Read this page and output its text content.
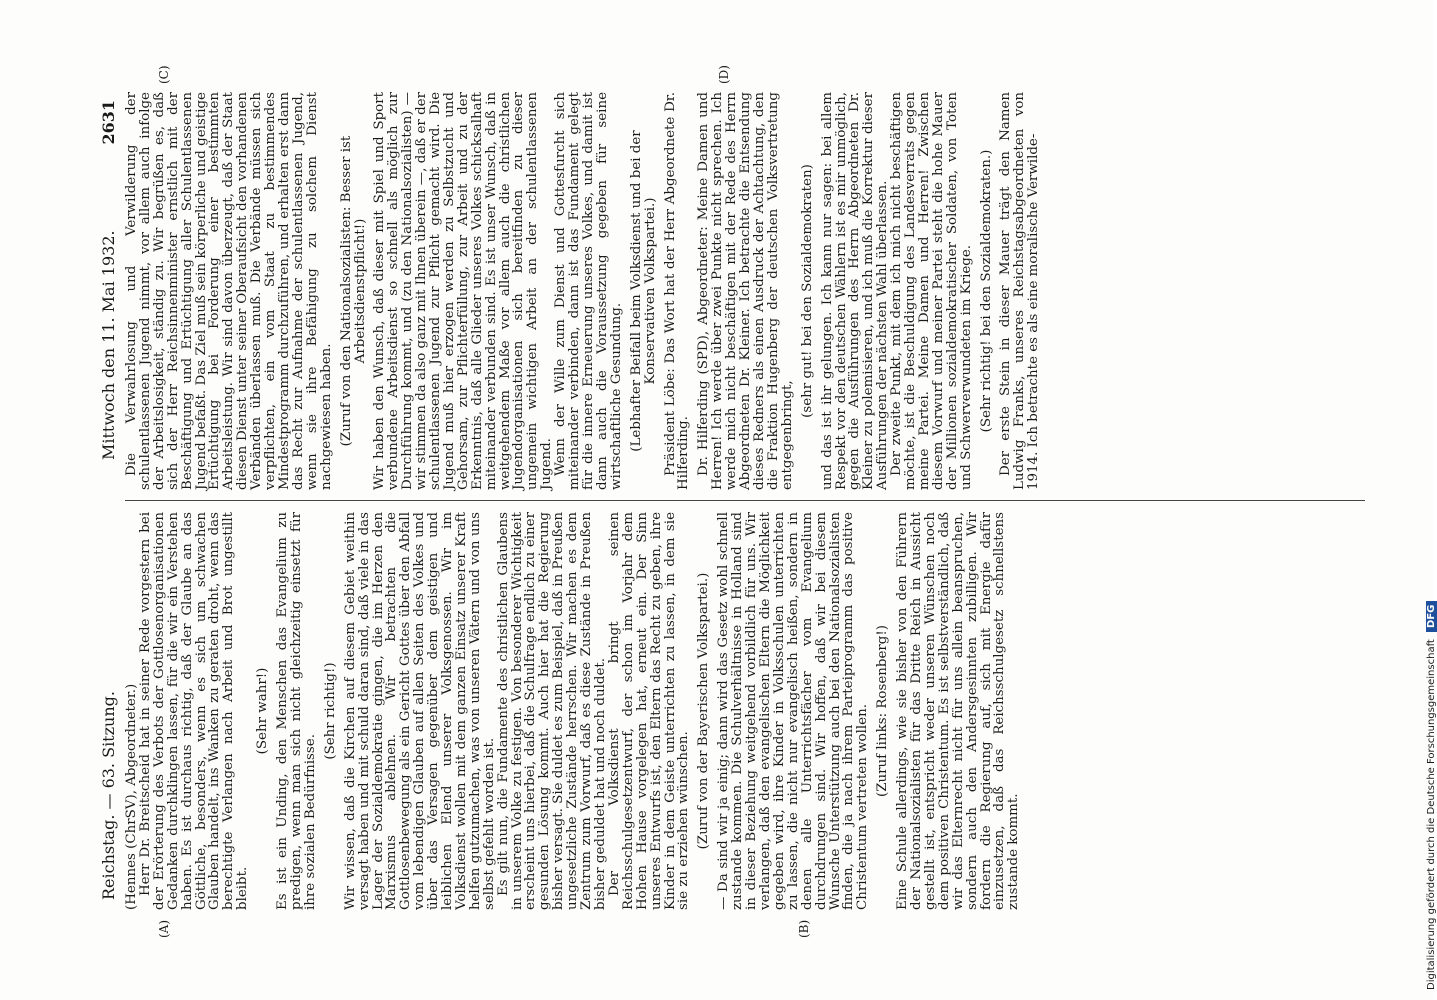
Reichstag. — 63. Sitzung.
Mittwoch den 11. Mai 1932.
2631
(A)	(B)
(C)	(D)

(Hennes (ChrSV), Abgeordneter.)

Herr Dr. Breitscheid hat in seiner Rede vorgestern bei der Erörterung des Verbots der Gottlosenorganisationen Gedanken durchklingen lassen, für die wir ein Verstehen haben. Es ist durchaus richtig, daß der Glaube an das Göttliche, besonders, wenn es sich um schwachen Glauben handelt, ins Wanken zu geraten droht, wenn das berechtigte Verlangen nach Arbeit und Brot ungestillt bleibt.

(Sehr wahr!) Es ist ein Unding, den Menschen das Evangelium zu predigen, wenn man sich nicht gleichzeitig einsetzt für ihre sozialen Bedürfnisse.

(Sehr richtig!) Wir wissen, daß die Kirchen auf diesem Gebiet weithin versagt haben und mit schuld daran sind, daß viele in das Lager der Sozialdemokratie gingen, die im Herzen den Marxismus ablehnen. Wir betrachten die Gottlosenbewegung als ein Gericht Gottes über den Abfall vom lebendigen Glauben auf allen Seiten des Volkes und über das Versagen gegenüber dem geistigen und leiblichen Elend unserer Volksgenossen. Wir im Volksdienst wollen mit dem ganzen Einsatz unserer Kraft helfen gutzumachen, was von unseren Vätern und von uns selbst gefehlt worden ist.

Es gilt nun, die Fundamente des christlichen Glaubens in unserem Volke zu festigen. Von besonderer Wichtigkeit erscheint uns hierbei, daß die Schulfrage endlich zu einer gesunden Lösung kommt. Auch hier hat die Regierung bisher versagt. Sie duldet es zum Beispiel, daß in Preußen ungesetzliche Zustände herrschen. Wir machen es dem Zentrum zum Vorwurf, daß es diese Zustände in Preußen bisher geduldet hat und noch duldet.

Der Volksdienst bringt seinen Reichsschulgesetzentwurf, der schon im Vorjahr dem Hohen Hause vorgelegen hat, erneut ein. Der Sinn unseres Entwurfs ist, den Eltern das Recht zu geben, ihre Kinder in dem Geiste unterrichten zu lassen, in dem sie sie zu erziehen wünschen. (Zuruf von der Bayerischen Volkspartei.) — Da sind wir ja einig; dann wird das Gesetz wohl schnell zustande kommen. Die Schulverhältnisse in Holland sind in dieser Beziehung weitgehend vorbildlich für uns. Wir verlangen, daß den evangelischen Eltern die Möglichkeit gegeben wird, ihre Kinder in Volksschulen unterrichten zu lassen, die nicht nur evangelisch heißen, sondern in denen alle Unterrichtsfächer vom Evangelium durchdrungen sind. Wir hoffen, daß wir bei diesem Wunsche Unterstützung auch bei den Nationalsozialisten finden, die ja nach ihrem Parteiprogramm das positive Christentum vertreten wollen. (Zuruf links: Rosenberg!) Eine Schule allerdings, wie sie bisher von den Führern der Nationalsozialisten für das Dritte Reich in Aussicht gestellt ist, entspricht weder unseren Wünschen noch dem positiven Christentum. Es ist selbstverständlich, daß wir das Elternrecht nicht für uns allein beanspruchen, sondern auch den Andersgesinnten zubilligen. Wir fordern die Regierung auf, sich mit Energie dafür einzusetzen, daß das Reichsschulgesetz schnellstens zustande kommt.

Die Verwahrlosung und Verwilderung der schulentlassenen Jugend nimmt, vor allem auch infolge der Arbeitslosigkeit, ständig zu. Wir begrüßen es, daß sich der Herr Reichsinnenminister ernstlich mit der Beschäftigung und Ertüchtigung aller Schulentlassenen Jugend befaßt. Das Ziel muß sein körperliche und geistige Ertüchtigung bei Forderung einer bestimmten Arbeitsleistung. Wir sind davon überzeugt, daß der Staat diesen Dienst unter seiner Oberaufsicht den vorhandenen Verbänden überlassen muß. Die Verbände müssen sich verpflichten, ein vom Staat zu bestimmendes Mindestprogramm durchzuführen, und erhalten erst dann das Recht zur Aufnahme der schulentlassenen Jugend, wenn sie ihre Befähigung zu solchem Dienst nachgewiesen haben. (Zuruf von den Nationalsozialisten: Besser ist Arbeitsdienstpflicht!) Wir haben den Wunsch, daß dieser mit Spiel und Sport verbundene Arbeitsdienst so schnell als möglich zur Durchführung kommt, und (zu den Nationalsozialisten) — wir stimmen da also ganz mit Ihnen überein —, daß er der schulentlassenen Jugend zur Pflicht gemacht wird. Die Jugend muß hier erzogen werden zu Selbstzucht und Gehorsam, zur Pflichterfüllung, zur Arbeit und zu der Erkenntnis, daß alle Glieder unseres Volkes schicksalhaft miteinander verbunden sind. Es ist unser Wunsch, daß in weitgehendem Maße vor allem auch die christlichen Jugendorganisationen sich bereitfinden zu dieser ungemein wichtigen Arbeit an der schulentlassenen Jugend.

Wenn der Wille zum Dienst und Gottesfurcht sich miteinander verbinden, dann ist das Fundament gelegt für die innere Erneuerung unseres Volkes, und damit ist dann auch die Voraussetzung gegeben für seine wirtschaftliche Gesundung. (Lebhafter Beifall beim Volksdienst und bei der Konservativen Volkspartei.) Präsident Löbe: Das Wort hat der Herr Abgeordnete Dr. Hilferding. Dr. Hilferding (SPD), Abgeordneter: Meine Damen und Herren! Ich werde über zwei Punkte nicht sprechen. Ich werde mich nicht beschäftigen mit der Rede des Herrn Abgeordneten Dr. Kleiner. Ich betrachte die Entsendung dieses Redners als einen Ausdruck der Achtachtung, den die Fraktion Hugenberg der deutschen Volksvertretung entgegenbringt,

(sehr gut! bei den Sozialdemokraten) und das ist ihr gelungen. Ich kann nur sagen: bei allem Respekt vor den deutschen Wählern ist es mir unmöglich, gegen die Ausführungen des Herrn Abgeordneten Dr. Kleiner zu polemisieren, und ich muß die Korrektur dieser Ausführungen der nächsten Wahl überlassen.

Der zweite Punkt, mit dem ich mich nicht beschäftigen möchte, ist die Beschuldigung des Landesverrats gegen meine Partei. Meine Damen und Herren! Zwischen diesem Vorwurf und meiner Partei steht die hohe Mauer der Millionen sozialdemokratischer Soldaten, von Toten und Schwerverwundeten im Kriege. (Sehr richtig! bei den Sozialdemokraten.) Der erste Stein in dieser Mauer trägt den Namen Ludwig Franks, unseres Reichstagsabgeordneten von 1914. Ich betrachte es als eine moralische Verwilde-

Digitalisierung gefördert durch die Deutsche Forschungsgemeinschaft DFG
